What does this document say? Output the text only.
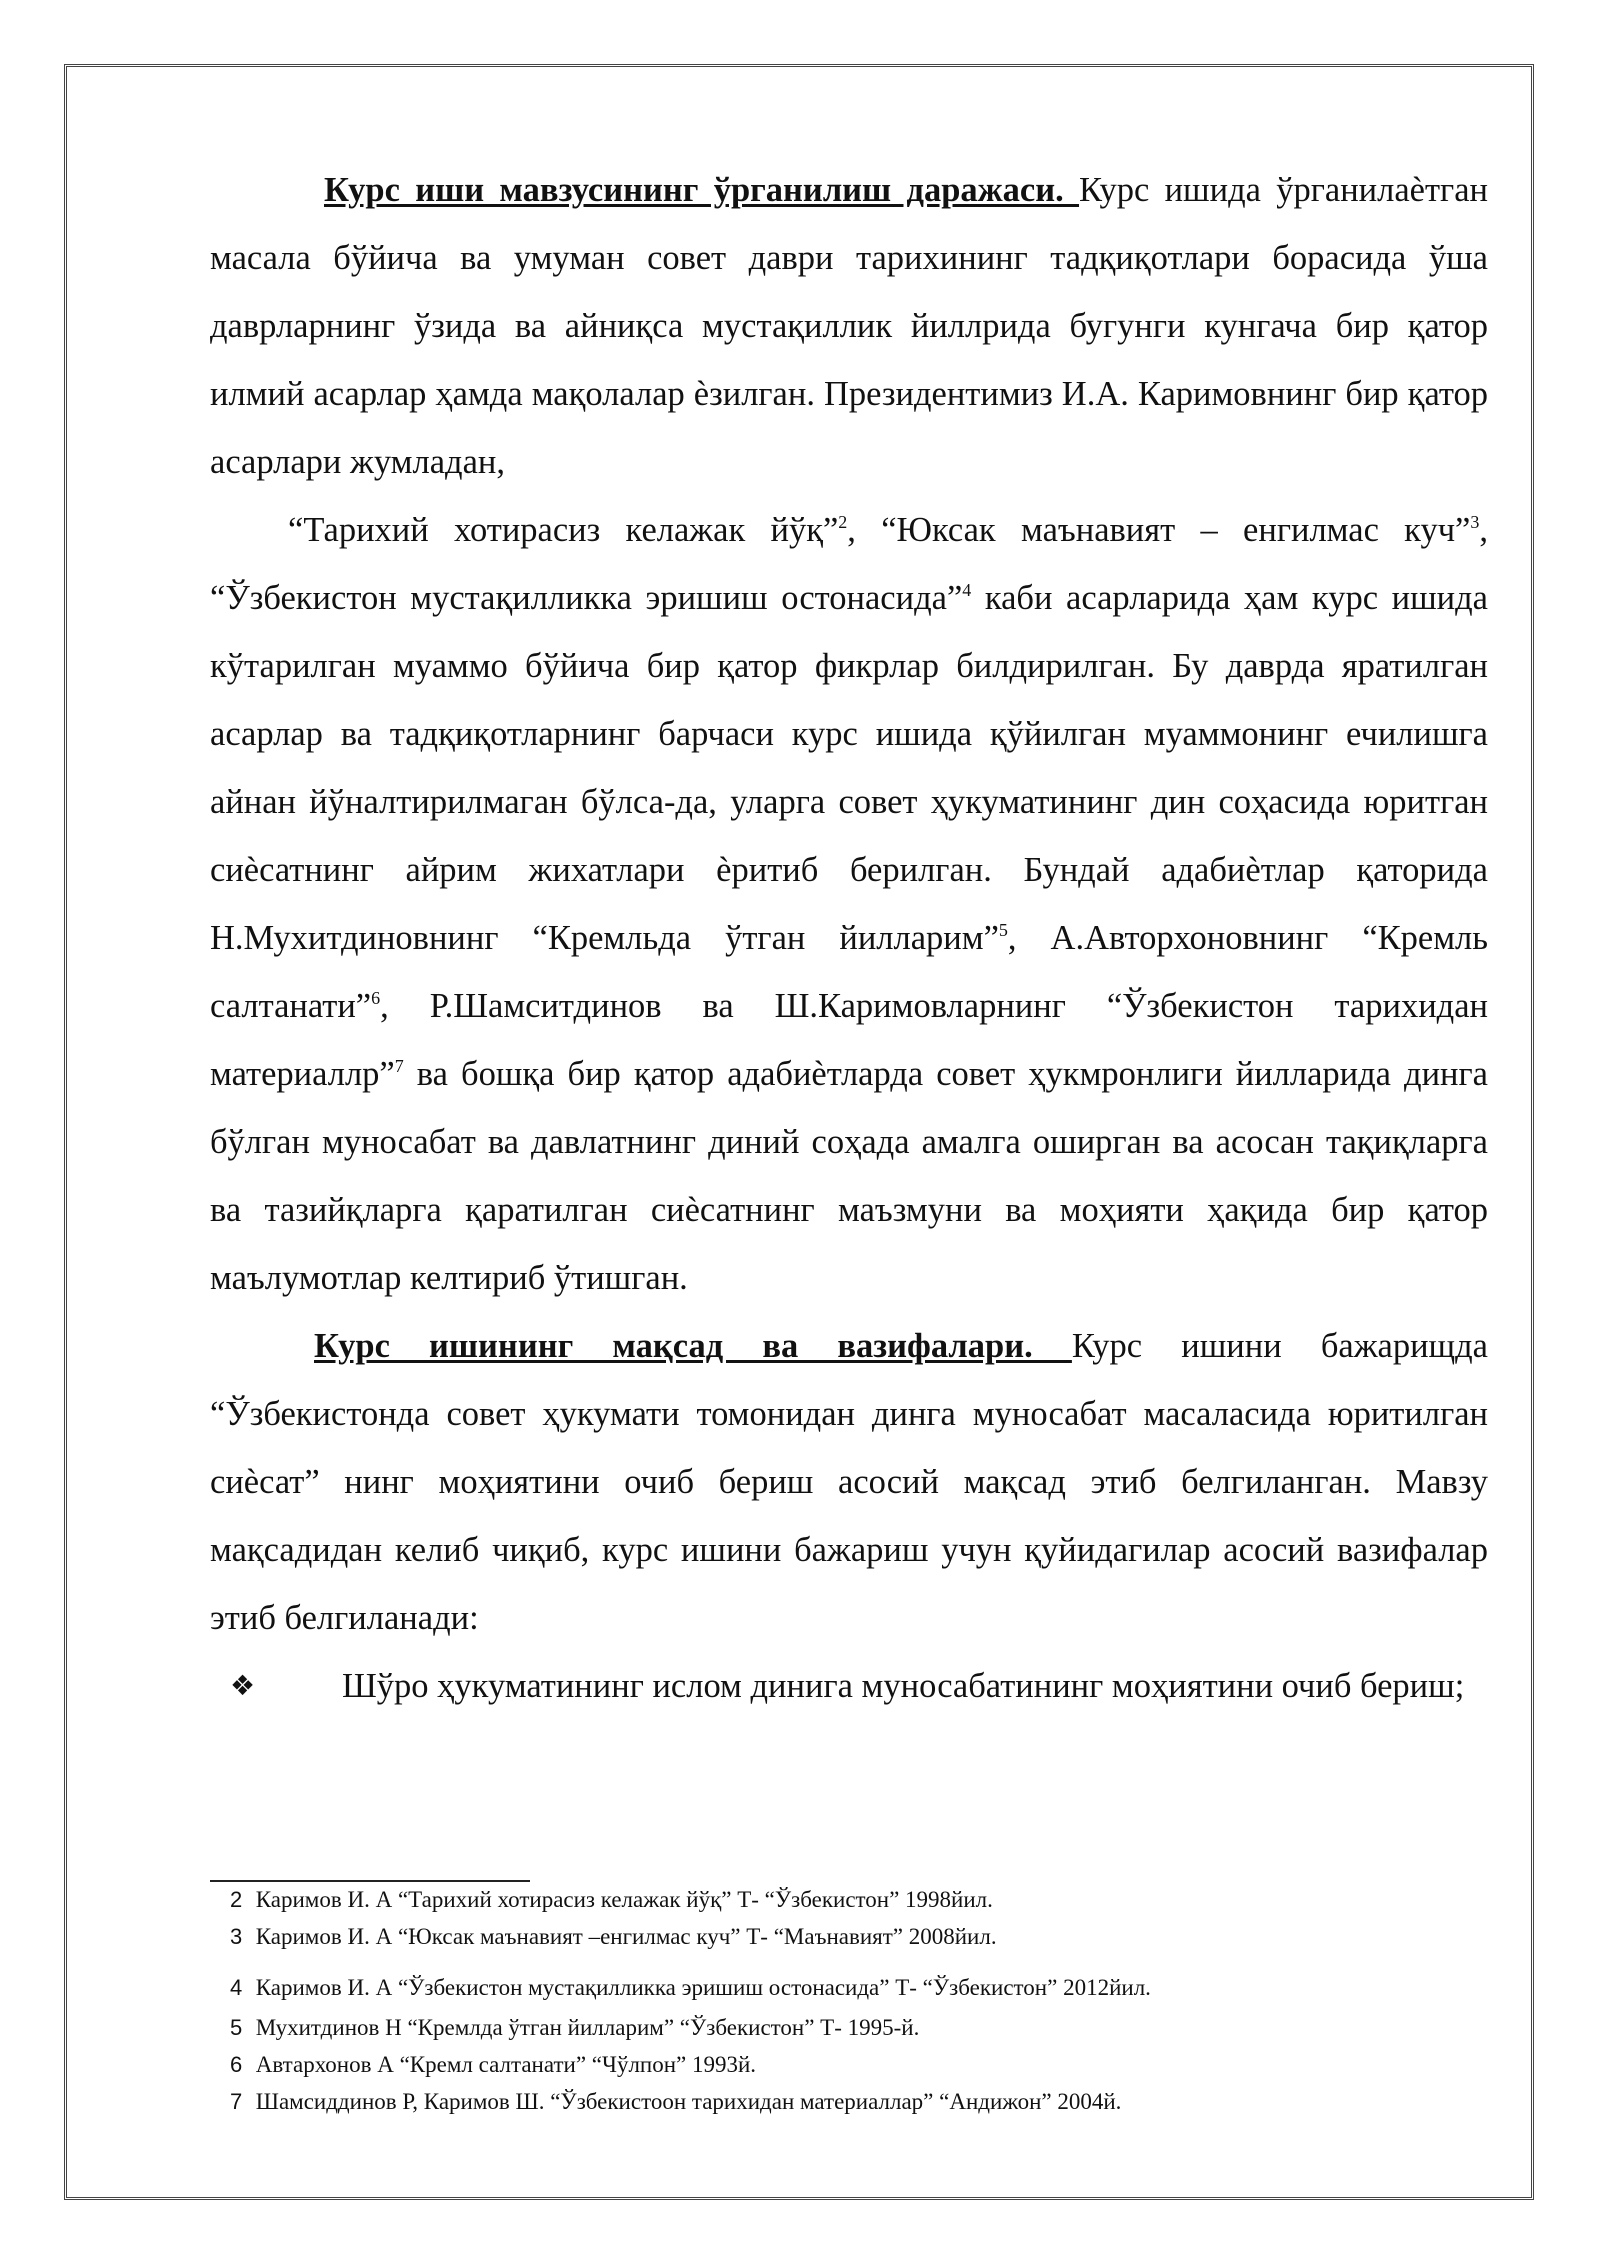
Курс иши мавзусининг ўрганилиш даражаси. Курс ишида ўрганилаѐтган масала бўйича ва умуман совет даври тарихининг тадқиқотлари борасида ўша даврларнинг ўзида ва айниқса мустақиллик йиллрида бугунги кунгача бир қатор илмий асарлар ҳамда мақолалар ѐзилган. Президентимиз И.А. Каримовнинг бир қатор асарлари жумладан,

“Тарихий хотирасиз келажак йўқ”$^2$, “Юксак маънавият – енгилмас куч”$^3$, “Ўзбекистон мустақилликка эришиш остонасида”$^4$ каби асарларида ҳам курс ишида кўтарилган муаммо бўйича бир қатор фикрлар билдирилган. Бу даврда яратилган асарлар ва тадқиқотларнинг барчаси курс ишида қўйилган муаммонинг ечилишга айнан йўналтирилмаган бўлса-да, уларга совет ҳукуматининг дин соҳасида юритган сиѐсатнинг айрим жихатлари ѐритиб берилган. Бундай адабиѐтлар қаторида Н.Мухитдиновнинг “Кремльда ўтган йилларим”$^5$, А.Авторхоновнинг “Кремль салтанати”$^6$, Р.Шамситдинов ва Ш.Каримовларнинг “Ўзбекистон тарихидан материаллр”$^7$ ва бошқа бир қатор адабиѐтларда совет ҳукмронлиги йилларида динга бўлган муносабат ва давлатнинг диний соҳада амалга оширган ва асосан тақиқларга ва тазийқларга қаратилган сиѐсатнинг маъзмуни ва моҳияти ҳақида бир қатор маълумотлар келтириб ўтишган.

Курс ишининг мақсад ва вазифалари. Курс ишини бажарищда “Ўзбекистонда совет ҳукумати томонидан динга муносабат масаласида юритилган сиѐсат” нинг моҳиятини очиб бериш асосий мақсад этиб белгиланган. Мавзу мақсадидан келиб чиқиб, курс ишини бажариш учун қуйидагилар асосий вазифалар этиб белгиланади:

❖	Шўро ҳукуматининг ислом динига муносабатининг моҳиятини очиб бериш;
2 Каримов И. А “Тарихий хотирасиз келажак йўқ” Т- “Ўзбекистон” 1998йил.
3 Каримов И. А “Юксак маънавият –енгилмас куч” Т- “Маънавият” 2008йил.
4 Каримов И. А “Ўзбекистон мустақилликка эришиш остонасида” Т- “Ўзбекистон” 2012йил.
5 Мухитдинов Н “Кремлда ўтган йилларим” “Ўзбекистон” Т- 1995-й.
6 Автархонов А “Кремл салтанати” “Чўлпон” 1993й.
7 Шамсиддинов Р, Каримов Ш. “Ўзбекистоон тарихидан материаллар” “Андижон” 2004й.
